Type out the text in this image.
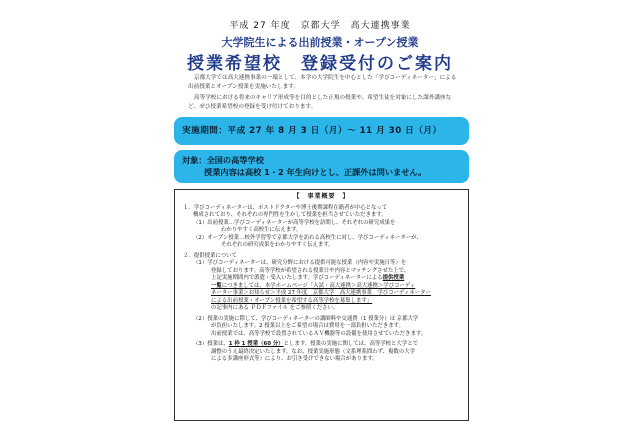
平成 27 年度　京都大学　高大連携事業
大学院生による出前授業・オープン授業
授業希望校　登録受付のご案内

京都大学では高大連携事業の一環として、本学の大学院生を中心とした「学びコーディネーター」による出前授業とオープン授業を実施いたします。

高等学校における将来のキャリア形成等を目的とした正規の授業や、希望生徒を対象にした課外講座など、ぜひ授業希望校の登録を受け付けております。

実施期間：平成 27 年 8 月 3 日（月）～ 11 月 30 日（月）
対象：全国の高等学校
授業内容は高校 1・2 年生向けとし、正課外は問いません。
【　事業概要　】
１．学びコーディネーターは、ポストドクターや博士後期課程在籍者が中心となって
構成されており、それぞれの専門性を生かして授業を担当させていただきます。
（1）出前授業…学びコーディネーターが高等学校を訪問し、それぞれの研究成果を
わかりやすく高校生に伝えます。
（2）オープン授業…校外学習等で京都大学を訪れる高校生に対し、学びコーディネーターが、
それぞれの研究成果をわかりやすく伝えます。
２．提供授業について
（1）学びコーディネーターは、研究分野における提供可能な授業（内容や実施日等）を
登録しております。高等学校が希望される授業日や内容とマッチングさせた上で、
上記実施期間内で派遣・受入いたします。学びコーディネーターによる提供授業
一覧につきましては、本学ホームページ「入試・高大連携＞高大連携＞学びコーディ
ネーター事業＞お知らせ＞平成 27 年度　京都大学　高大連携事業　学びコーディネーター
による出前授業・オープン授業を希望する高等学校を募集します」
の記事内にある ＰＤＦファイル をご参照ください。
（2）授業の実施に際して、学びコーディネーターの講師料や交通費（1 授業分）は 京都大学
が負担いたします。2 授業以上をご希望の場合は費用を一部負担いただきます。
出前授業では、高等学校で設置されているＡＶ機器等の設備を使用させていただきます。
（3）授業は、1 枠 1 授業（60 分）とします。授業の実施に関しては、高等学校と大学とで
調整のうえ最終決定いたします。なお、授業実施形態（文系理系問わず、複数の大学
による多講座形式等）により、お引き受けできない場合があります。
